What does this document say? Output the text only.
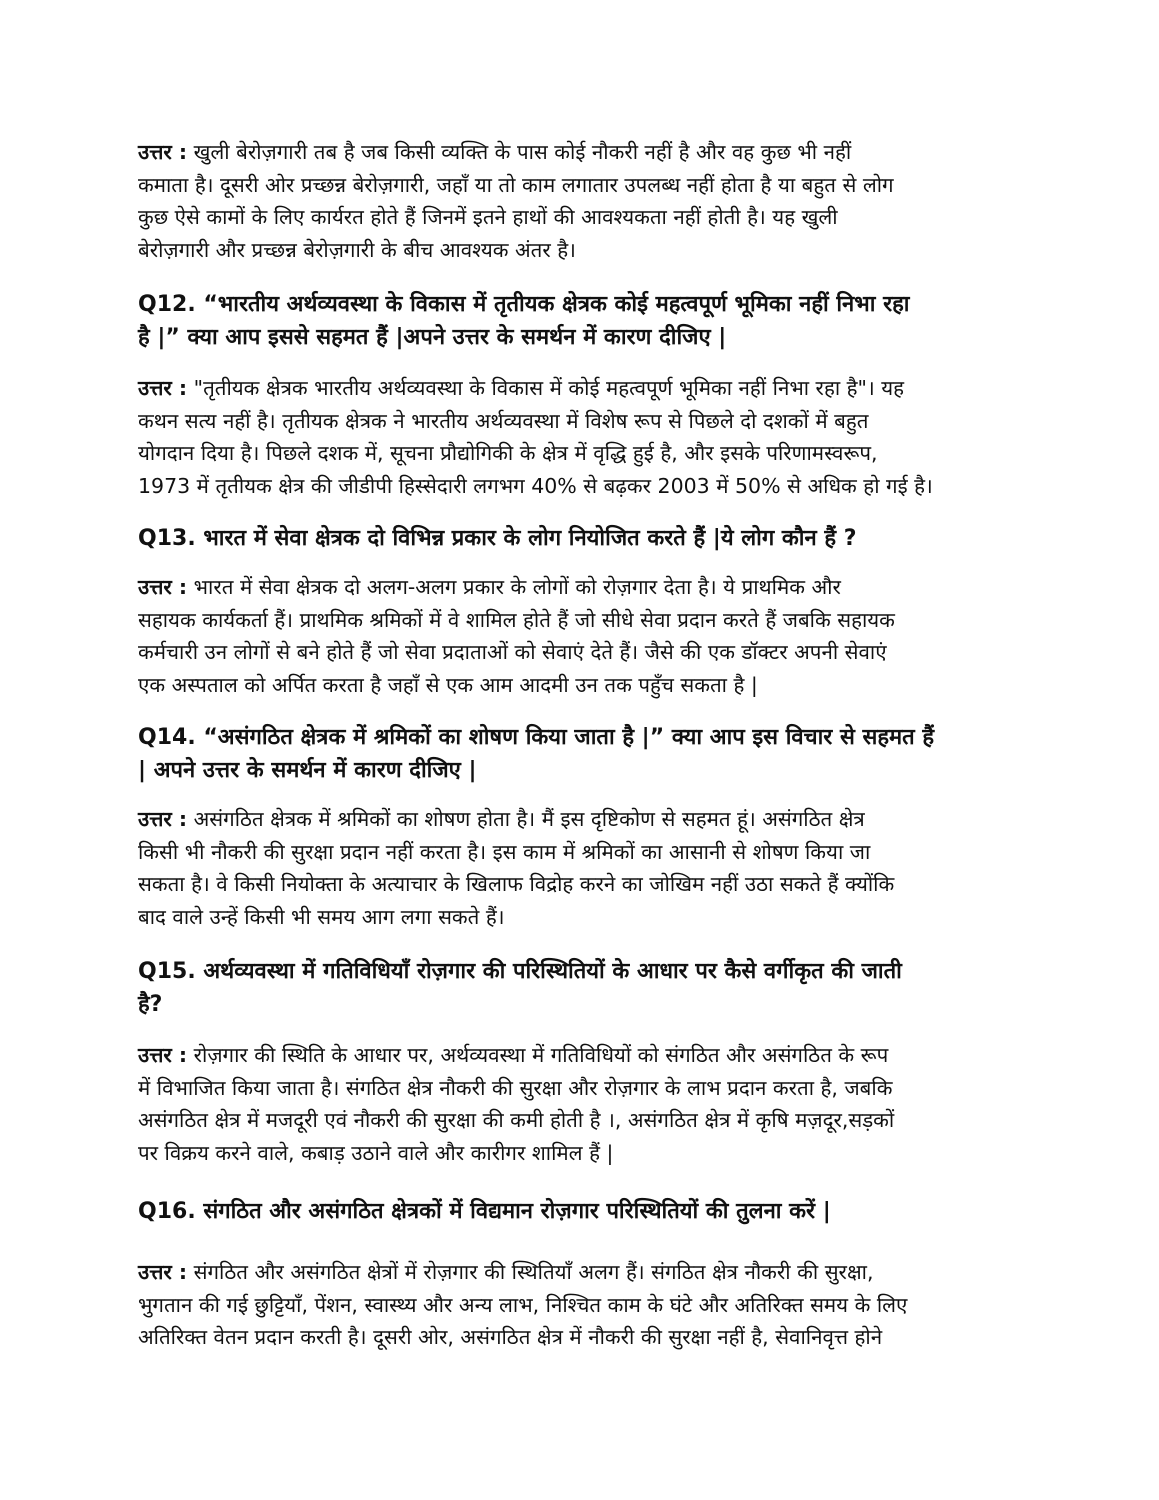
उत्तर : खुली बेरोज़गारी तब है जब किसी व्यक्ति के पास कोई नौकरी नहीं है और वह कुछ भी नहीं
कमाता है। दूसरी ओर प्रच्छन्न बेरोज़गारी, जहाँ या तो काम लगातार उपलब्ध नहीं होता है या बहुत से लोग
कुछ ऐसे कामों के लिए कार्यरत होते हैं जिनमें इतने हाथों की आवश्यकता नहीं होती है। यह खुली
बेरोज़गारी और प्रच्छन्न बेरोज़गारी के बीच आवश्यक अंतर है।

Q12. “भारतीय अर्थव्यवस्था के विकास में तृतीयक क्षेत्रक कोई महत्वपूर्ण भूमिका नहीं निभा रहा
है |” क्या आप इससे सहमत हैं |अपने उत्तर के समर्थन में कारण दीजिए |

उत्तर : "तृतीयक क्षेत्रक भारतीय अर्थव्यवस्था के विकास में कोई महत्वपूर्ण भूमिका नहीं निभा रहा है"। यह
कथन सत्य नहीं है। तृतीयक क्षेत्रक ने भारतीय अर्थव्यवस्था में विशेष रूप से पिछले दो दशकों में बहुत
योगदान दिया है। पिछले दशक में, सूचना प्रौद्योगिकी के क्षेत्र में वृद्धि हुई है, और इसके परिणामस्वरूप,
1973 में तृतीयक क्षेत्र की जीडीपी हिस्सेदारी लगभग 40% से बढ़कर 2003 में 50% से अधिक हो गई है।

Q13. भारत में सेवा क्षेत्रक दो विभिन्न प्रकार के लोग नियोजित करते हैं |ये लोग कौन हैं ?

उत्तर : भारत में सेवा क्षेत्रक दो अलग-अलग प्रकार के लोगों को रोज़गार देता है। ये प्राथमिक और
सहायक कार्यकर्ता हैं। प्राथमिक श्रमिकों में वे शामिल होते हैं जो सीधे सेवा प्रदान करते हैं जबकि सहायक
कर्मचारी उन लोगों से बने होते हैं जो सेवा प्रदाताओं को सेवाएं देते हैं। जैसे की एक डॉक्टर अपनी सेवाएं
एक अस्पताल को अर्पित करता है जहाँ से एक आम आदमी उन तक पहुँच सकता है |

Q14. “असंगठित क्षेत्रक में श्रमिकों का शोषण किया जाता है |” क्या आप इस विचार से सहमत हैं
| अपने उत्तर के समर्थन में कारण दीजिए |

उत्तर : असंगठित क्षेत्रक में श्रमिकों का शोषण होता है। मैं इस दृष्टिकोण से सहमत हूं। असंगठित क्षेत्र
किसी भी नौकरी की सुरक्षा प्रदान नहीं करता है। इस काम में श्रमिकों का आसानी से शोषण किया जा
सकता है। वे किसी नियोक्ता के अत्याचार के खिलाफ विद्रोह करने का जोखिम नहीं उठा सकते हैं क्योंकि
बाद वाले उन्हें किसी भी समय आग लगा सकते हैं।

Q15. अर्थव्यवस्था में गतिविधियाँ रोज़गार की परिस्थितियों के आधार पर कैसे वर्गीकृत की जाती
है?

उत्तर : रोज़गार की स्थिति के आधार पर, अर्थव्यवस्था में गतिविधियों को संगठित और असंगठित के रूप
में विभाजित किया जाता है। संगठित क्षेत्र नौकरी की सुरक्षा और रोज़गार के लाभ प्रदान करता है, जबकि
असंगठित क्षेत्र में मजदूरी एवं नौकरी की सुरक्षा की कमी होती है ।, असंगठित क्षेत्र में कृषि मज़दूर,सड़कों
पर विक्रय करने वाले, कबाड़ उठाने वाले और कारीगर शामिल हैं |

Q16. संगठित और असंगठित क्षेत्रकों में विद्यमान रोज़गार परिस्थितियों की तुलना करें |

उत्तर : संगठित और असंगठित क्षेत्रों में रोज़गार की स्थितियाँ अलग हैं। संगठित क्षेत्र नौकरी की सुरक्षा,
भुगतान की गई छुट्टियाँ, पेंशन, स्वास्थ्य और अन्य लाभ, निश्चित काम के घंटे और अतिरिक्त समय के लिए
अतिरिक्त वेतन प्रदान करती है। दूसरी ओर, असंगठित क्षेत्र में नौकरी की सुरक्षा नहीं है, सेवानिवृत्त होने
